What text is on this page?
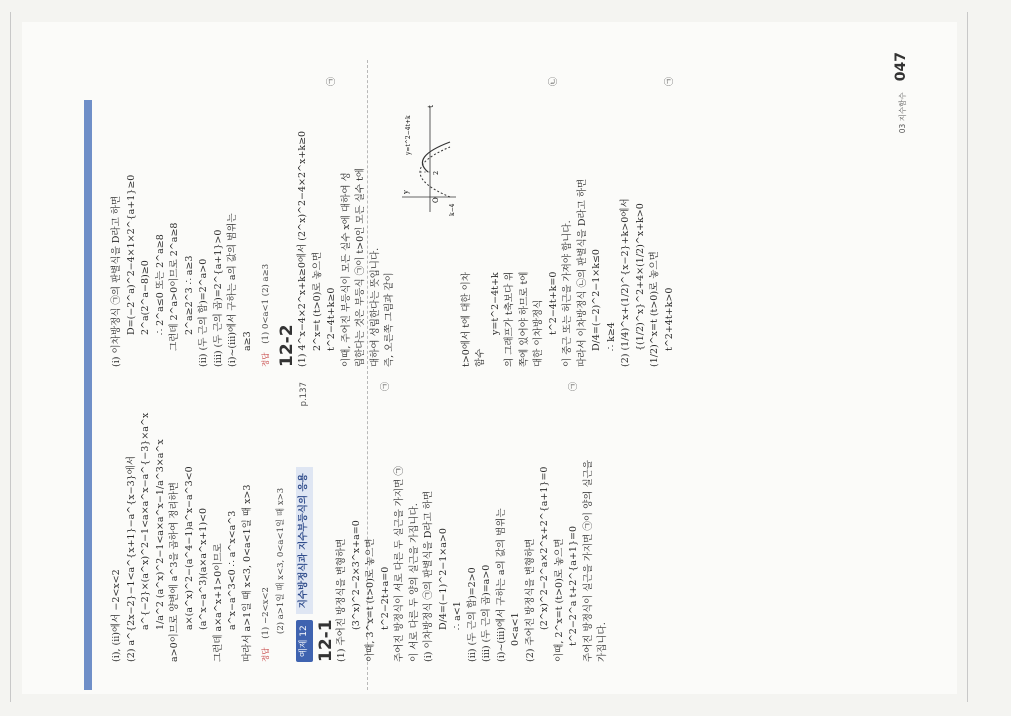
(ⅰ), (ⅱ)에서 −2<x<2 (2) a^{2x−2}−1<a^{x+1}−a^{x−3}에서 a^{−2}×(a^x)^2−1<a×a^x−a^{−3}×a^x 1/a^2 (a^x)^2−1<a×a^x−1/a^3×a^x a>0이므로 양변에 a^3을 곱하여 정리하면 a×(a^x)^2−(a^4−1)a^x−a^3<0 (a^x−a^3)(a×a^x+1)<0 그런데 a×a^x+1>0이므로 a^x−a^3<0 ∴ a^x<a^3 따라서 a>1일 때 x<3, 0<a<1일 때 x>3	정답 (1) −2<x<2 (2) a>1일 때 x<3, 0<a<1일 때 x>3
예제 12
지수방정식과 지수부등식의 응용
p.137
12-1 (1) 주어진 방정식을 변형하면 (3^x)^2−2×3^x+a=0 이때, 3^x=t (t>0)로 놓으면 t^2−2t+a=0
㉠
주어진 방정식이 서로 다른 두 실근을 가지면 ㉠ 이 서로 다른 두 양의 실근을 가집니다. (ⅰ) 이차방정식 ㉠의 판별식을 D라고 하면 D/4=(−1)^2−1×a>0 ∴ a<1 (ⅱ) (두 근의 합)=2>0 (ⅲ) (두 근의 곱)=a>0 (ⅰ)~(ⅲ)에서 구하는 a의 값의 범위는 0<a<1 (2) 주어진 방정식을 변형하면 (2^x)^2−2^a×2^x+2^{a+1}=0 이때, 2^x=t (t>0)로 놓으면 t^2−2^a t+2^{a+1}=0
㉠
주어진 방정식이 실근을 가지면 ㉠이 양의 실근을 가집니다.
(ⅰ) 이차방정식 ㉠의 판별식을 D라고 하면 D=(−2^a)^2−4×1×2^{a+1}≥0 2^a(2^a−8)≥0 ∴ 2^a≤0 또는 2^a≥8 그런데 2^a>0이므로 2^a≥8 2^a≥2^3 ∴ a≥3 (ⅱ) (두 근의 합)=2^a>0 (ⅲ) (두 근의 곱)=2^{a+1}>0 (ⅰ)~(ⅲ)에서 구하는 a의 값의 범위는 a≥3
정답 (1) 0<a<1 (2) a≥3
12-2 (1) 4^x−4×2^x+k≥0에서 (2^x)^2−4×2^x+k≥0 2^x=t (t>0)로 놓으면 t^2−4t+k≥0
㉠
이때, 주어진 부등식이 모든 실수 x에 대하여 성 립한다는 것은 부등식 ㉠이 t>0인 모든 실수 t에 대하여 성립한다는 뜻입니다. 즉, 오른쪽 그림과 같이
t
y
O
2
k−4
y=t^2−4t+k
t>0에서 t에 대한 이차 함수
y=t^2−4t+k 의 그래프가 t축보다 위 쪽에 있어야 하므로 t에 대한 이차방정식 t^2−4t+k=0
㉡
이 중근 또는 허근을 가져야 합니다. 따라서 이차방정식 ㉡의 판별식을 D라고 하면 D/4=(−2)^2−1×k≤0 ∴ k≥4 (2) (1/4)^x+(1/2)^{x−2}+k>0에서 {(1/2)^x}^2+4×(1/2)^x+k>0 (1/2)^x=t (t>0)로 놓으면 t^2+4t+k>0
㉠
03 지수함수 047
